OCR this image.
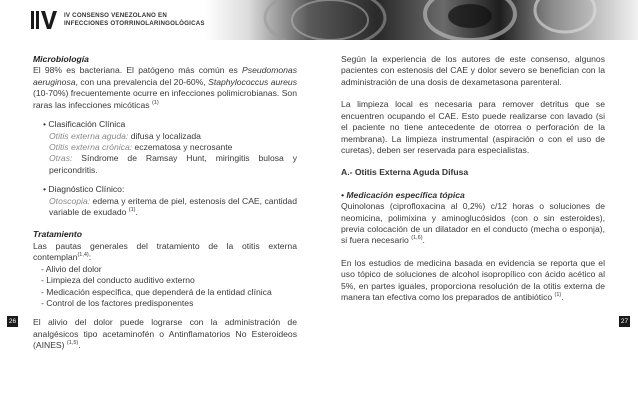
IV CONSENSO VENEZOLANO EN
INFECCIONES OTORRINOLARINGOLÓGICAS

Microbiología

El 98% es bacteriana. El patógeno más común es Pseudomonas aeruginosa, con una prevalencia del 20-60%, Staphylococcus aureus (10-70%) frecuentemente ocurre en infecciones polimicrobianas. Son raras las infecciones micóticas $^{(1)}$

• Clasificación Clínica

Otitis externa aguda: difusa y localizada

Otitis externa crónica: eczematosa y necrosante

Otras: Síndrome de Ramsay Hunt, miringitis bulosa y pericondritis.

• Diagnóstico Clínico:

Otoscopia: edema y eritema de piel, estenosis del CAE, cantidad variable de exudado $^{(1)}$.

Tratamiento

Las pautas generales del tratamiento de la otitis externa contemplan$^{(1,4)}$:

- Alivio del dolor

- Limpieza del conducto auditivo externo

- Medicación específica, que dependerá de la entidad clínica

- Control de los factores predisponentes

El alivio del dolor puede lograrse con la administración de analgésicos tipo acetaminofén o Antinflamatorios No Esteroideos (AINES) $^{(1,5)}$.

Según la experiencia de los autores de este consenso, algunos pacientes con estenosis del CAE y dolor severo se benefician con la administración de una dosis de dexametasona parenteral.

La limpieza local es necesaria para remover detritus que se encuentren ocupando el CAE. Esto puede realizarse con lavado (si el paciente no tiene antecedente de otorrea o perforación de la membrana). La limpieza instrumental (aspiración o con el uso de curetas), deben ser reservada para especialistas.

A.- Otitis Externa Aguda Difusa

• Medicación específica tópica

Quinolonas (ciprofloxacina al 0,2%) c/12 horas o soluciones de neomicina, polimixina y aminoglucósidos (con o sin esteroides), previa colocación de un dilatador en el conducto (mecha o esponja), si fuera necesario $^{(1,6)}$.

En los estudios de medicina basada en evidencia se reporta que el uso tópico de soluciones de alcohol isopropílico con ácido acético al 5%, en partes iguales, proporciona resolución de la otitis externa de manera tan efectiva como los preparados de antibiótico $^{(1)}$.

26	27
